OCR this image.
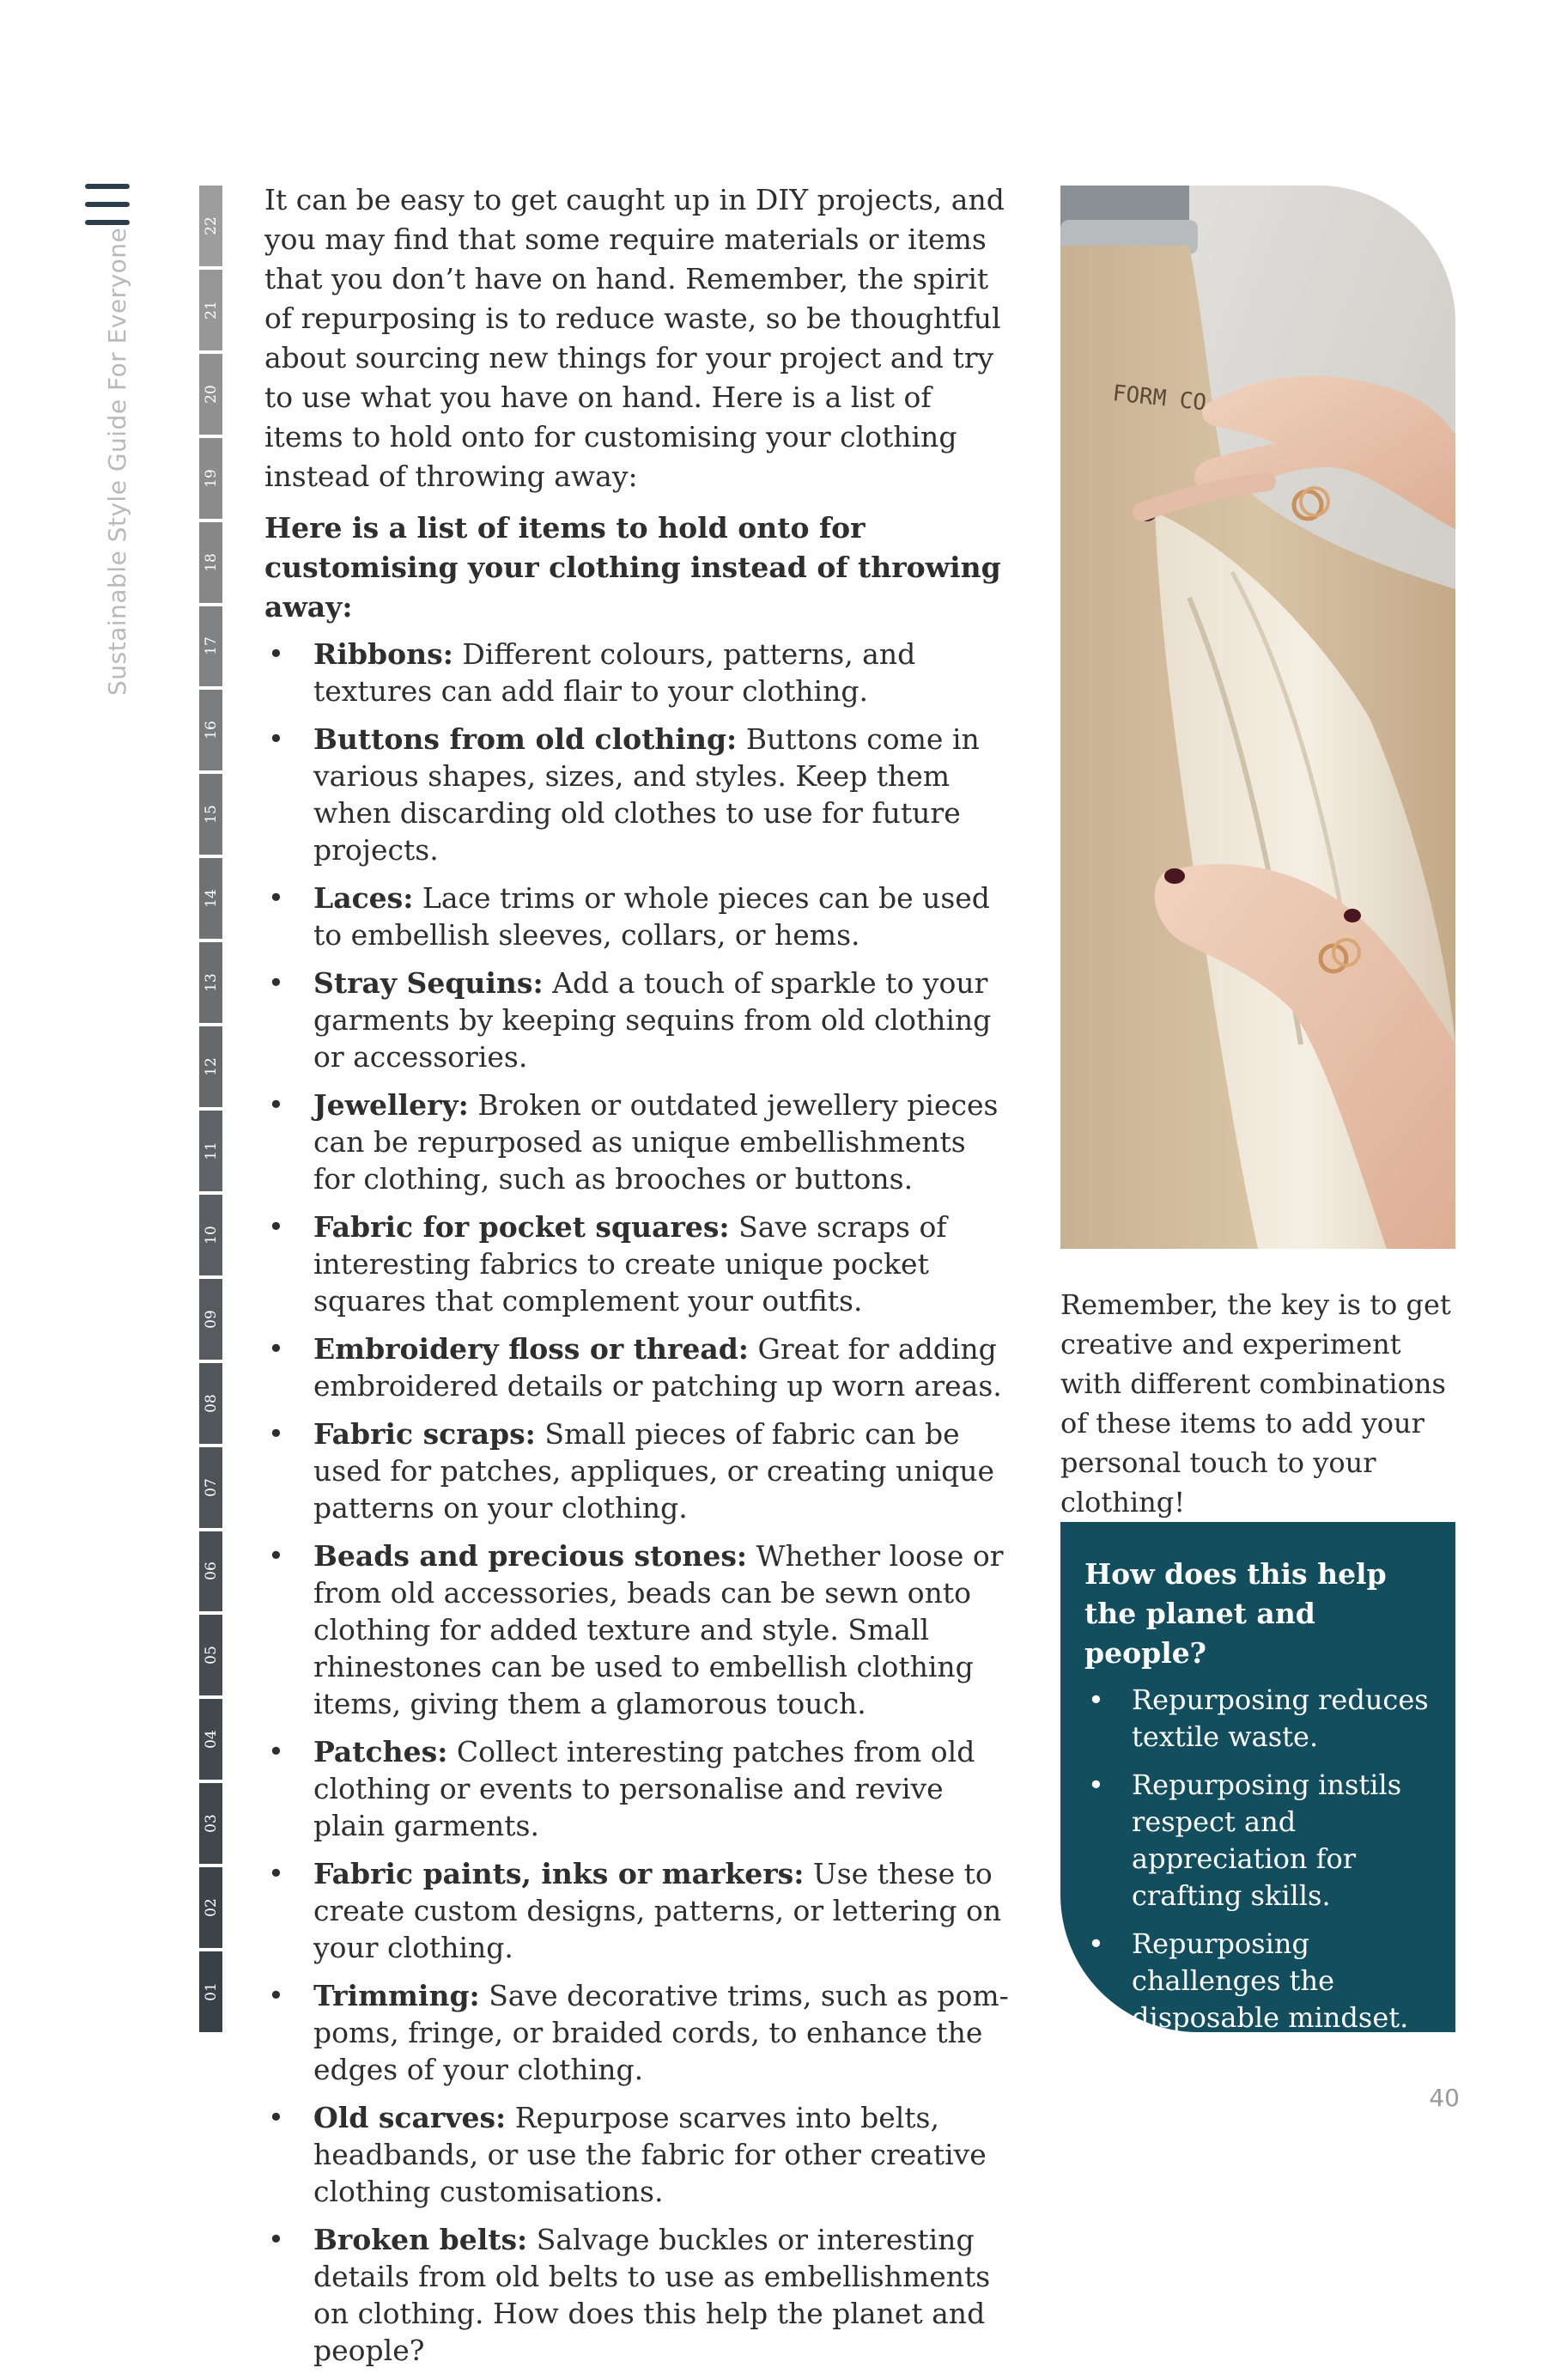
Sustainable Style Guide For Everyone
22
21
20
19
18
17
16
15
14
13
12
11
10
09
08
07
06
05
04
03
02
01

It can be easy to get caught up in DIY projects, and you may find that some require materials or items that you don’t have on hand. Remember, the spirit of repurposing is to reduce waste, so be thoughtful about sourcing new things for your project and try to use what you have on hand. Here is a list of items to hold onto for customising your clothing instead of throwing away:

Here is a list of items to hold onto for customising your clothing instead of throwing away:

• Ribbons: Different colours, patterns, and textures can add flair to your clothing.
• Buttons from old clothing: Buttons come in various shapes, sizes, and styles. Keep them when discarding old clothes to use for future projects.
• Laces: Lace trims or whole pieces can be used to embellish sleeves, collars, or hems.
• Stray Sequins: Add a touch of sparkle to your garments by keeping sequins from old clothing or accessories.
• Jewellery: Broken or outdated jewellery pieces can be repurposed as unique embellishments for clothing, such as brooches or buttons.
• Fabric for pocket squares: Save scraps of interesting fabrics to create unique pocket squares that complement your outfits.
• Embroidery floss or thread: Great for adding embroidered details or patching up worn areas.
• Fabric scraps: Small pieces of fabric can be used for patches, appliques, or creating unique patterns on your clothing.
• Beads and precious stones: Whether loose or from old accessories, beads can be sewn onto clothing for added texture and style. Small rhinestones can be used to embellish clothing items, giving them a glamorous touch.
• Patches: Collect interesting patches from old clothing or events to personalise and revive plain garments.
• Fabric paints, inks or markers: Use these to create custom designs, patterns, or lettering on your clothing.
• Trimming: Save decorative trims, such as pom-poms, fringe, or braided cords, to enhance the edges of your clothing.
• Old scarves: Repurpose scarves into belts, headbands, or use the fabric for other creative clothing customisations.
• Broken belts: Salvage buckles or interesting details from old belts to use as embellishments on clothing. How does this help the planet and people?
FORM CO

Remember, the key is to get creative and experiment with different combinations of these items to add your personal touch to your clothing!

How does this help the planet and people?
• Repurposing reduces textile waste.
• Repurposing instils respect and appreciation for crafting skills.
• Repurposing challenges the disposable mindset.
40
